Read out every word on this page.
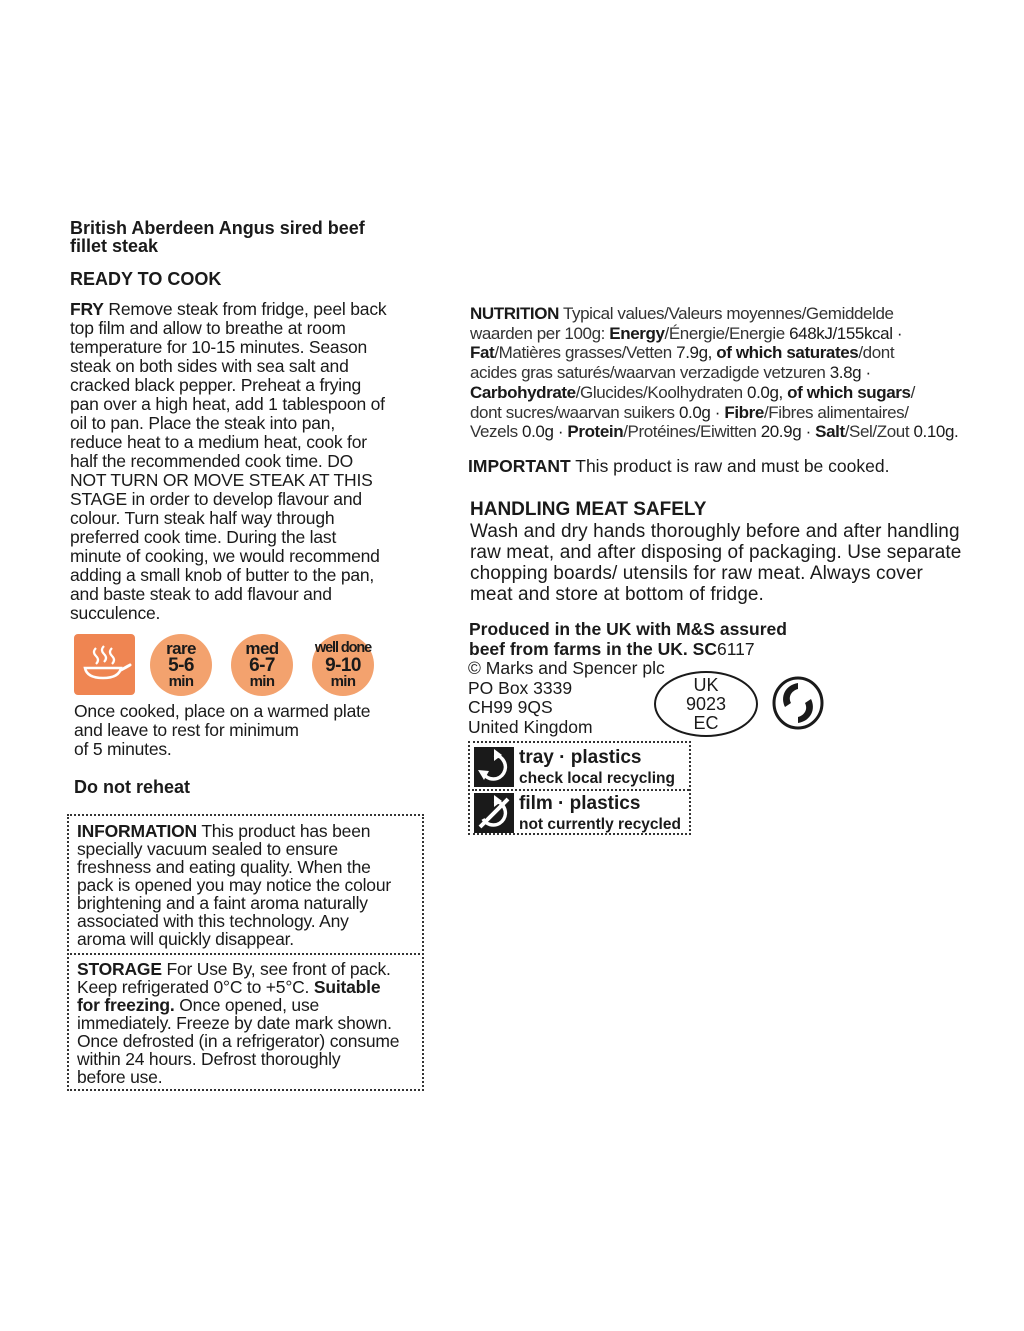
British Aberdeen Angus sired beef
fillet steak
READY TO COOK
FRY Remove steak from fridge, peel back
top film and allow to breathe at room
temperature for 10-15 minutes. Season
steak on both sides with sea salt and
cracked black pepper. Preheat a frying
pan over a high heat, add 1 tablespoon of
oil to pan. Place the steak into pan,
reduce heat to a medium heat, cook for
half the recommended cook time. DO
NOT TURN OR MOVE STEAK AT THIS
STAGE in order to develop flavour and
colour. Turn steak half way through
preferred cook time. During the last
minute of cooking, we would recommend
adding a small knob of butter to the pan,
and baste steak to add flavour and
succulence.
rare
5-6
min
med
6-7
min
well done
9-10
min
Once cooked, place on a warmed plate
and leave to rest for minimum
of 5 minutes.
Do not reheat
INFORMATION This product has been
specially vacuum sealed to ensure
freshness and eating quality. When the
pack is opened you may notice the colour
brightening and a faint aroma naturally
associated with this technology. Any
aroma will quickly disappear.
STORAGE For Use By, see front of pack.
Keep refrigerated 0°C to +5°C. Suitable
for freezing. Once opened, use
immediately. Freeze by date mark shown.
Once defrosted (in a refrigerator) consume
within 24 hours. Defrost thoroughly
before use.
NUTRITION Typical values/Valeurs moyennes/Gemiddelde
waarden per 100g: Energy/Énergie/Energie 648kJ/155kcal ·
Fat/Matières grasses/Vetten 7.9g, of which saturates/dont
acides gras saturés/waarvan verzadigde vetzuren 3.8g ·
Carbohydrate/Glucides/Koolhydraten 0.0g, of which sugars/
dont sucres/waarvan suikers 0.0g · Fibre/Fibres alimentaires/
Vezels 0.0g · Protein/Protéines/Eiwitten 20.9g · Salt/Sel/Zout 0.10g.
IMPORTANT This product is raw and must be cooked.
HANDLING MEAT SAFELY
Wash and dry hands thoroughly before and after handling
raw meat, and after disposing of packaging. Use separate
chopping boards/ utensils for raw meat. Always cover
meat and store at bottom of fridge.
Produced in the UK with M&S assured
beef from farms in the UK. SC6117
© Marks and Spencer plc
PO Box 3339
CH99 9QS
United Kingdom
UK
9023
EC
tray · plastics
check local recycling
film · plastics
not currently recycled
